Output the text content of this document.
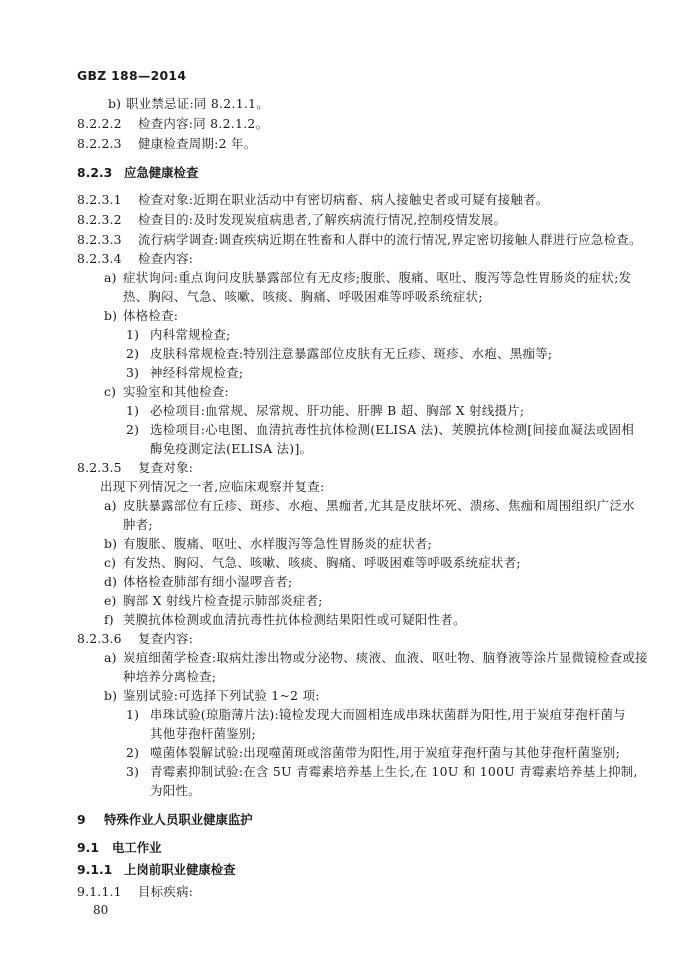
GBZ 188—2014
b) 职业禁忌证:同 8.2.1.1。
8.2.2.2 检查内容:同 8.2.1.2。
8.2.2.3 健康检查周期:2 年。
8.2.3 应急健康检查
8.2.3.1 检查对象:近期在职业活动中有密切病畜、病人接触史者或可疑有接触者。
8.2.3.2 检查目的:及时发现炭疽病患者,了解疾病流行情况,控制疫情发展。
8.2.3.3 流行病学调查:调查疾病近期在牲畜和人群中的流行情况,界定密切接触人群进行应急检查。
8.2.3.4 检查内容:
a) 症状询问:重点询问皮肤暴露部位有无皮疹;腹胀、腹痛、呕吐、腹泻等急性胃肠炎的症状;发
热、胸闷、气急、咳嗽、咳痰、胸痛、呼吸困难等呼吸系统症状;
b) 体格检查:
1) 内科常规检查;
2) 皮肤科常规检查:特别注意暴露部位皮肤有无丘疹、斑疹、水疱、黑痂等;
3) 神经科常规检查;
c) 实验室和其他检查:
1) 必检项目:血常规、尿常规、肝功能、肝脾 B 超、胸部 X 射线摄片;
2) 选检项目:心电图、血清抗毒性抗体检测(ELISA 法)、荚膜抗体检测[间接血凝法或固相
酶免疫测定法(ELISA 法)]。
8.2.3.5 复查对象:
出现下列情况之一者,应临床观察并复查:
a) 皮肤暴露部位有丘疹、斑疹、水疱、黑痂者,尤其是皮肤坏死、溃疡、焦痂和周围组织广泛水
肿者;
b) 有腹胀、腹痛、呕吐、水样腹泻等急性胃肠炎的症状者;
c) 有发热、胸闷、气急、咳嗽、咳痰、胸痛、呼吸困难等呼吸系统症状者;
d) 体格检查肺部有细小湿啰音者;
e) 胸部 X 射线片检查提示肺部炎症者;
f) 荚膜抗体检测或血清抗毒性抗体检测结果阳性或可疑阳性者。
8.2.3.6 复查内容:
a) 炭疽细菌学检查:取病灶渗出物或分泌物、痰液、血液、呕吐物、脑脊液等涂片显微镜检查或接
种培养分离检查;
b) 鉴别试验:可选择下列试验 1~2 项:
1) 串珠试验(琼脂薄片法):镜检发现大而圆相连成串珠状菌群为阳性,用于炭疽芽孢杆菌与
其他芽孢杆菌鉴别;
2) 噬菌体裂解试验:出现噬菌斑或溶菌带为阳性,用于炭疽芽孢杆菌与其他芽孢杆菌鉴别;
3) 青霉素抑制试验:在含 5U 青霉素培养基上生长,在 10U 和 100U 青霉素培养基上抑制,
为阳性。
9 特殊作业人员职业健康监护
9.1 电工作业
9.1.1 上岗前职业健康检查
9.1.1.1 目标疾病:
80
